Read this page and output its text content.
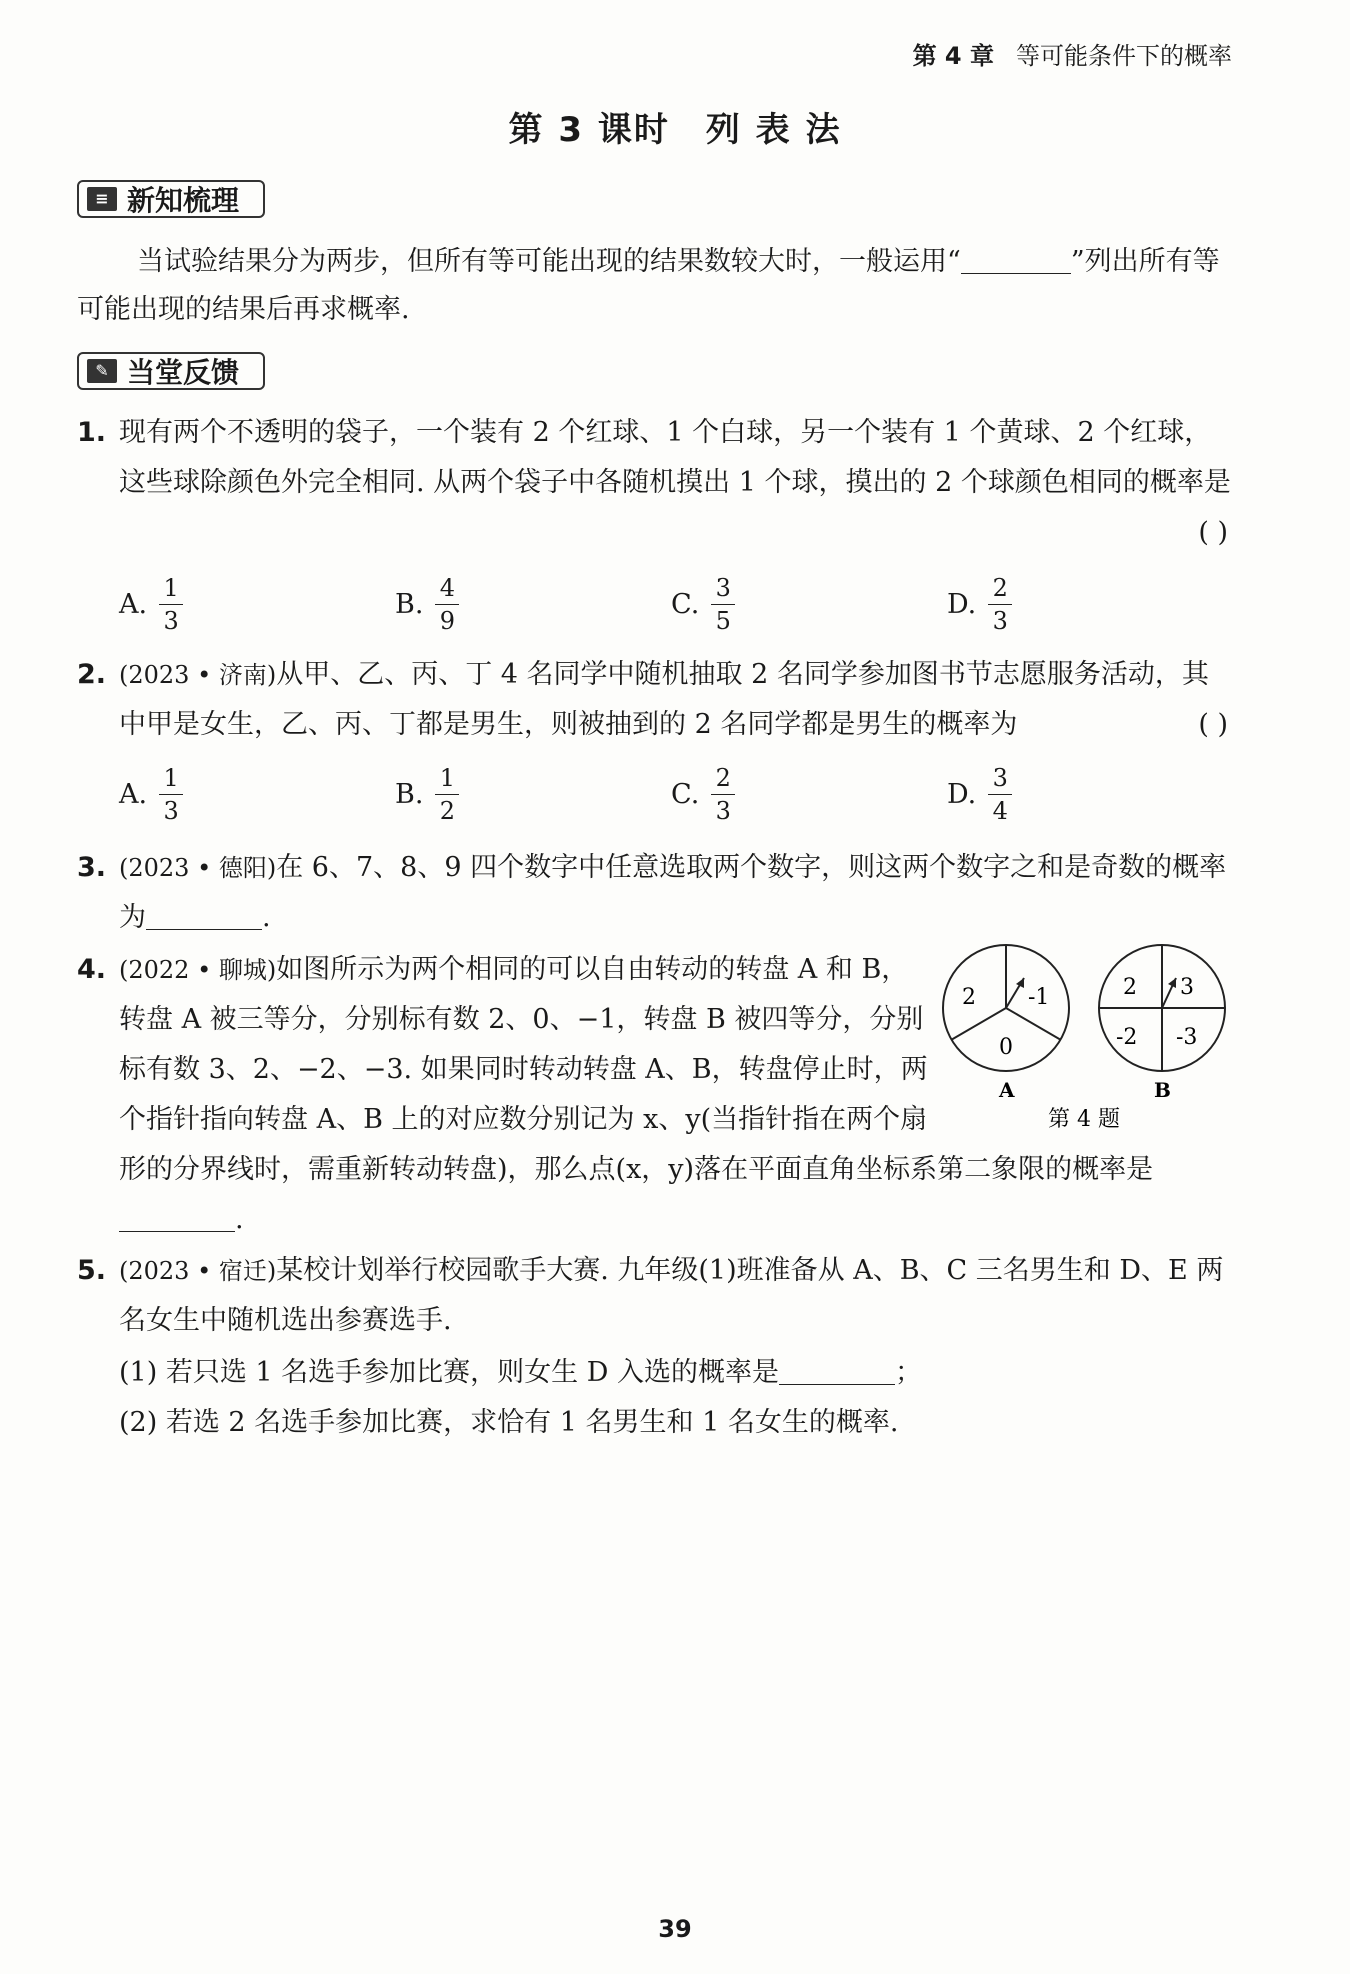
第 4 章 等可能条件下的概率
第 3 课时 列 表 法
≡ 新知梳理
当试验结果分为两步，但所有等可能出现的结果数较大时，一般运用“	”列出所有等可能出现的结果后再求概率.
✎ 当堂反馈
1. 现有两个不透明的袋子，一个装有 2 个红球、1 个白球，另一个装有 1 个黄球、2 个红球，这些球除颜色外完全相同. 从两个袋子中各随机摸出 1 个球，摸出的 2 个球颜色相同的概率是
( )
A. $\frac{1}{3}$	B. $\frac{4}{9}$	C. $\frac{3}{5}$	D. $\frac{2}{3}$
2. (2023 • 济南)从甲、乙、丙、丁 4 名同学中随机抽取 2 名同学参加图书节志愿服务活动，其中甲是女生，乙、丙、丁都是男生，则被抽到的 2 名同学都是男生的概率为	( )
A. $\frac{1}{3}$	B. $\frac{1}{2}$	C. $\frac{2}{3}$	D. $\frac{3}{4}$
3. (2023 • 德阳)在 6、7、8、9 四个数字中任意选取两个数字，则这两个数字之和是奇数的概率为	.
4. (2022 • 聊城)如图所示为两个相同的可以自由转动的转盘 A 和 B，转盘 A 被三等分，分别标有数 2、0、−1，转盘 B 被四等分，分别标有数 3、2、−2、−3. 如果同时转动转盘 A、B，转盘停止时，两个指针指向转盘 A、B 上的对应数分别记为 x、y(当指针指在两个扇形的分界线时，需重新转动转盘)，那么点(x，y)落在平面直角坐标系第二象限的概率是.
2 -1
0
A
2 3
-2 -3
B
第 4 题
5. (2023 • 宿迁)某校计划举行校园歌手大赛. 九年级(1)班准备从 A、B、C 三名男生和 D、E 两名女生中随机选出参赛选手.
(1) 若只选 1 名选手参加比赛，则女生 D 入选的概率是	；
(2) 若选 2 名选手参加比赛，求恰有 1 名男生和 1 名女生的概率.
39
